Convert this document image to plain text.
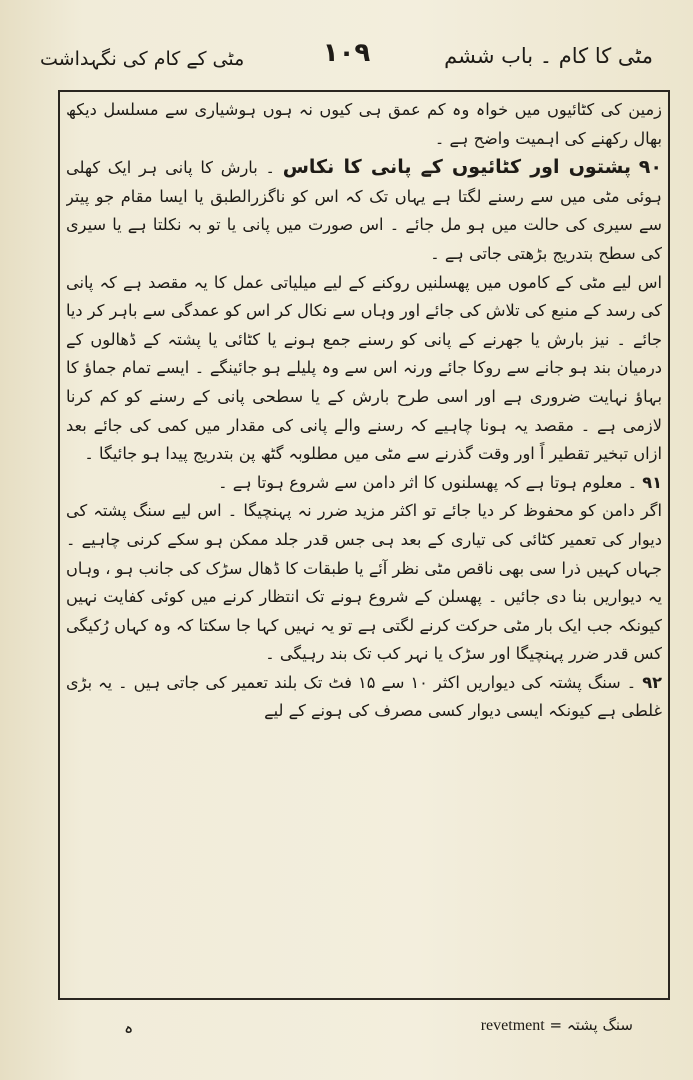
مٹی کا کام ۔ باب ششم
۱۰۹
مٹی کے کام کی نگہداشت

زمین کی کٹائیوں میں خواہ وہ کم عمق ہی کیوں نہ ہوں ہوشیاری سے مسلسل دیکھ بھال رکھنے کی اہمیت واضح ہے ۔

۹۰ پشتوں اور کٹائیوں کے پانی کا نکاس ۔ بارش کا پانی ہر ایک کھلی ہوئی مٹی میں سے رسنے لگتا ہے یہاں تک کہ اس کو ناگزرالطبق یا ایسا مقام جو پیتر سے سیری کی حالت میں ہو مل جائے ۔ اس صورت میں پانی یا تو بہ نکلتا ہے یا سیری کی سطح بتدریج بڑھتی جاتی ہے ۔

اس لیے مٹی کے کاموں میں پھسلنیں روکنے کے لیے میلیاتی عمل کا یہ مقصد ہے کہ پانی کی رسد کے منبع کی تلاش کی جائے اور وہاں سے نکال کر اس کو عمدگی سے باہر کر دیا جائے ۔ نیز بارش یا جھرنے کے پانی کو رسنے جمع ہونے یا کٹائی یا پشتہ کے ڈھالوں کے درمیان بند ہو جانے سے روکا جائے ورنہ اس سے وہ پلیلے ہو جائینگے ۔ ایسے تمام جماؤ کا بہاؤ نہایت ضروری ہے اور اسی طرح بارش کے یا سطحی پانی کے رسنے کو کم کرنا لازمی ہے ۔ مقصد یہ ہونا چاہیے کہ رسنے والے پانی کی مقدار میں کمی کی جائے بعد ازاں تبخیر تقطیر اً اور وقت گذرنے سے مٹی میں مطلوبہ گٹھ پن بتدریج پیدا ہو جائیگا ۔

۹۱ ۔ معلوم ہوتا ہے کہ پھسلنوں کا اثر دامن سے شروع ہوتا ہے ۔

اگر دامن کو محفوظ کر دیا جائے تو اکثر مزید ضرر نہ پہنچیگا ۔ اس لیے سنگ پشتہ کی دیوار کی تعمیر کٹائی کی تیاری کے بعد ہی جس قدر جلد ممکن ہو سکے کرنی چاہیے ۔ جہاں کہیں ذرا سی بھی ناقص مٹی نظر آئے یا طبقات کا ڈھال سڑک کی جانب ہو ، وہاں یہ دیواریں بنا دی جائیں ۔ پھسلن کے شروع ہونے تک انتظار کرنے میں کوئی کفایت نہیں کیونکہ جب ایک بار مٹی حرکت کرنے لگتی ہے تو یہ نہیں کہا جا سکتا کہ وہ کہاں رُکیگی کس قدر ضرر پہنچیگا اور سڑک یا نہر کب تک بند رہیگی ۔

۹۲ ۔ سنگ پشتہ کی دیواریں اکثر ۱۰ سے ۱۵ فٹ تک بلند تعمیر کی جاتی ہیں ۔ یہ بڑی غلطی ہے کیونکہ ایسی دیوار کسی مصرف کی ہونے کے لیے

سنگ پشتہ = revetment
ہ
